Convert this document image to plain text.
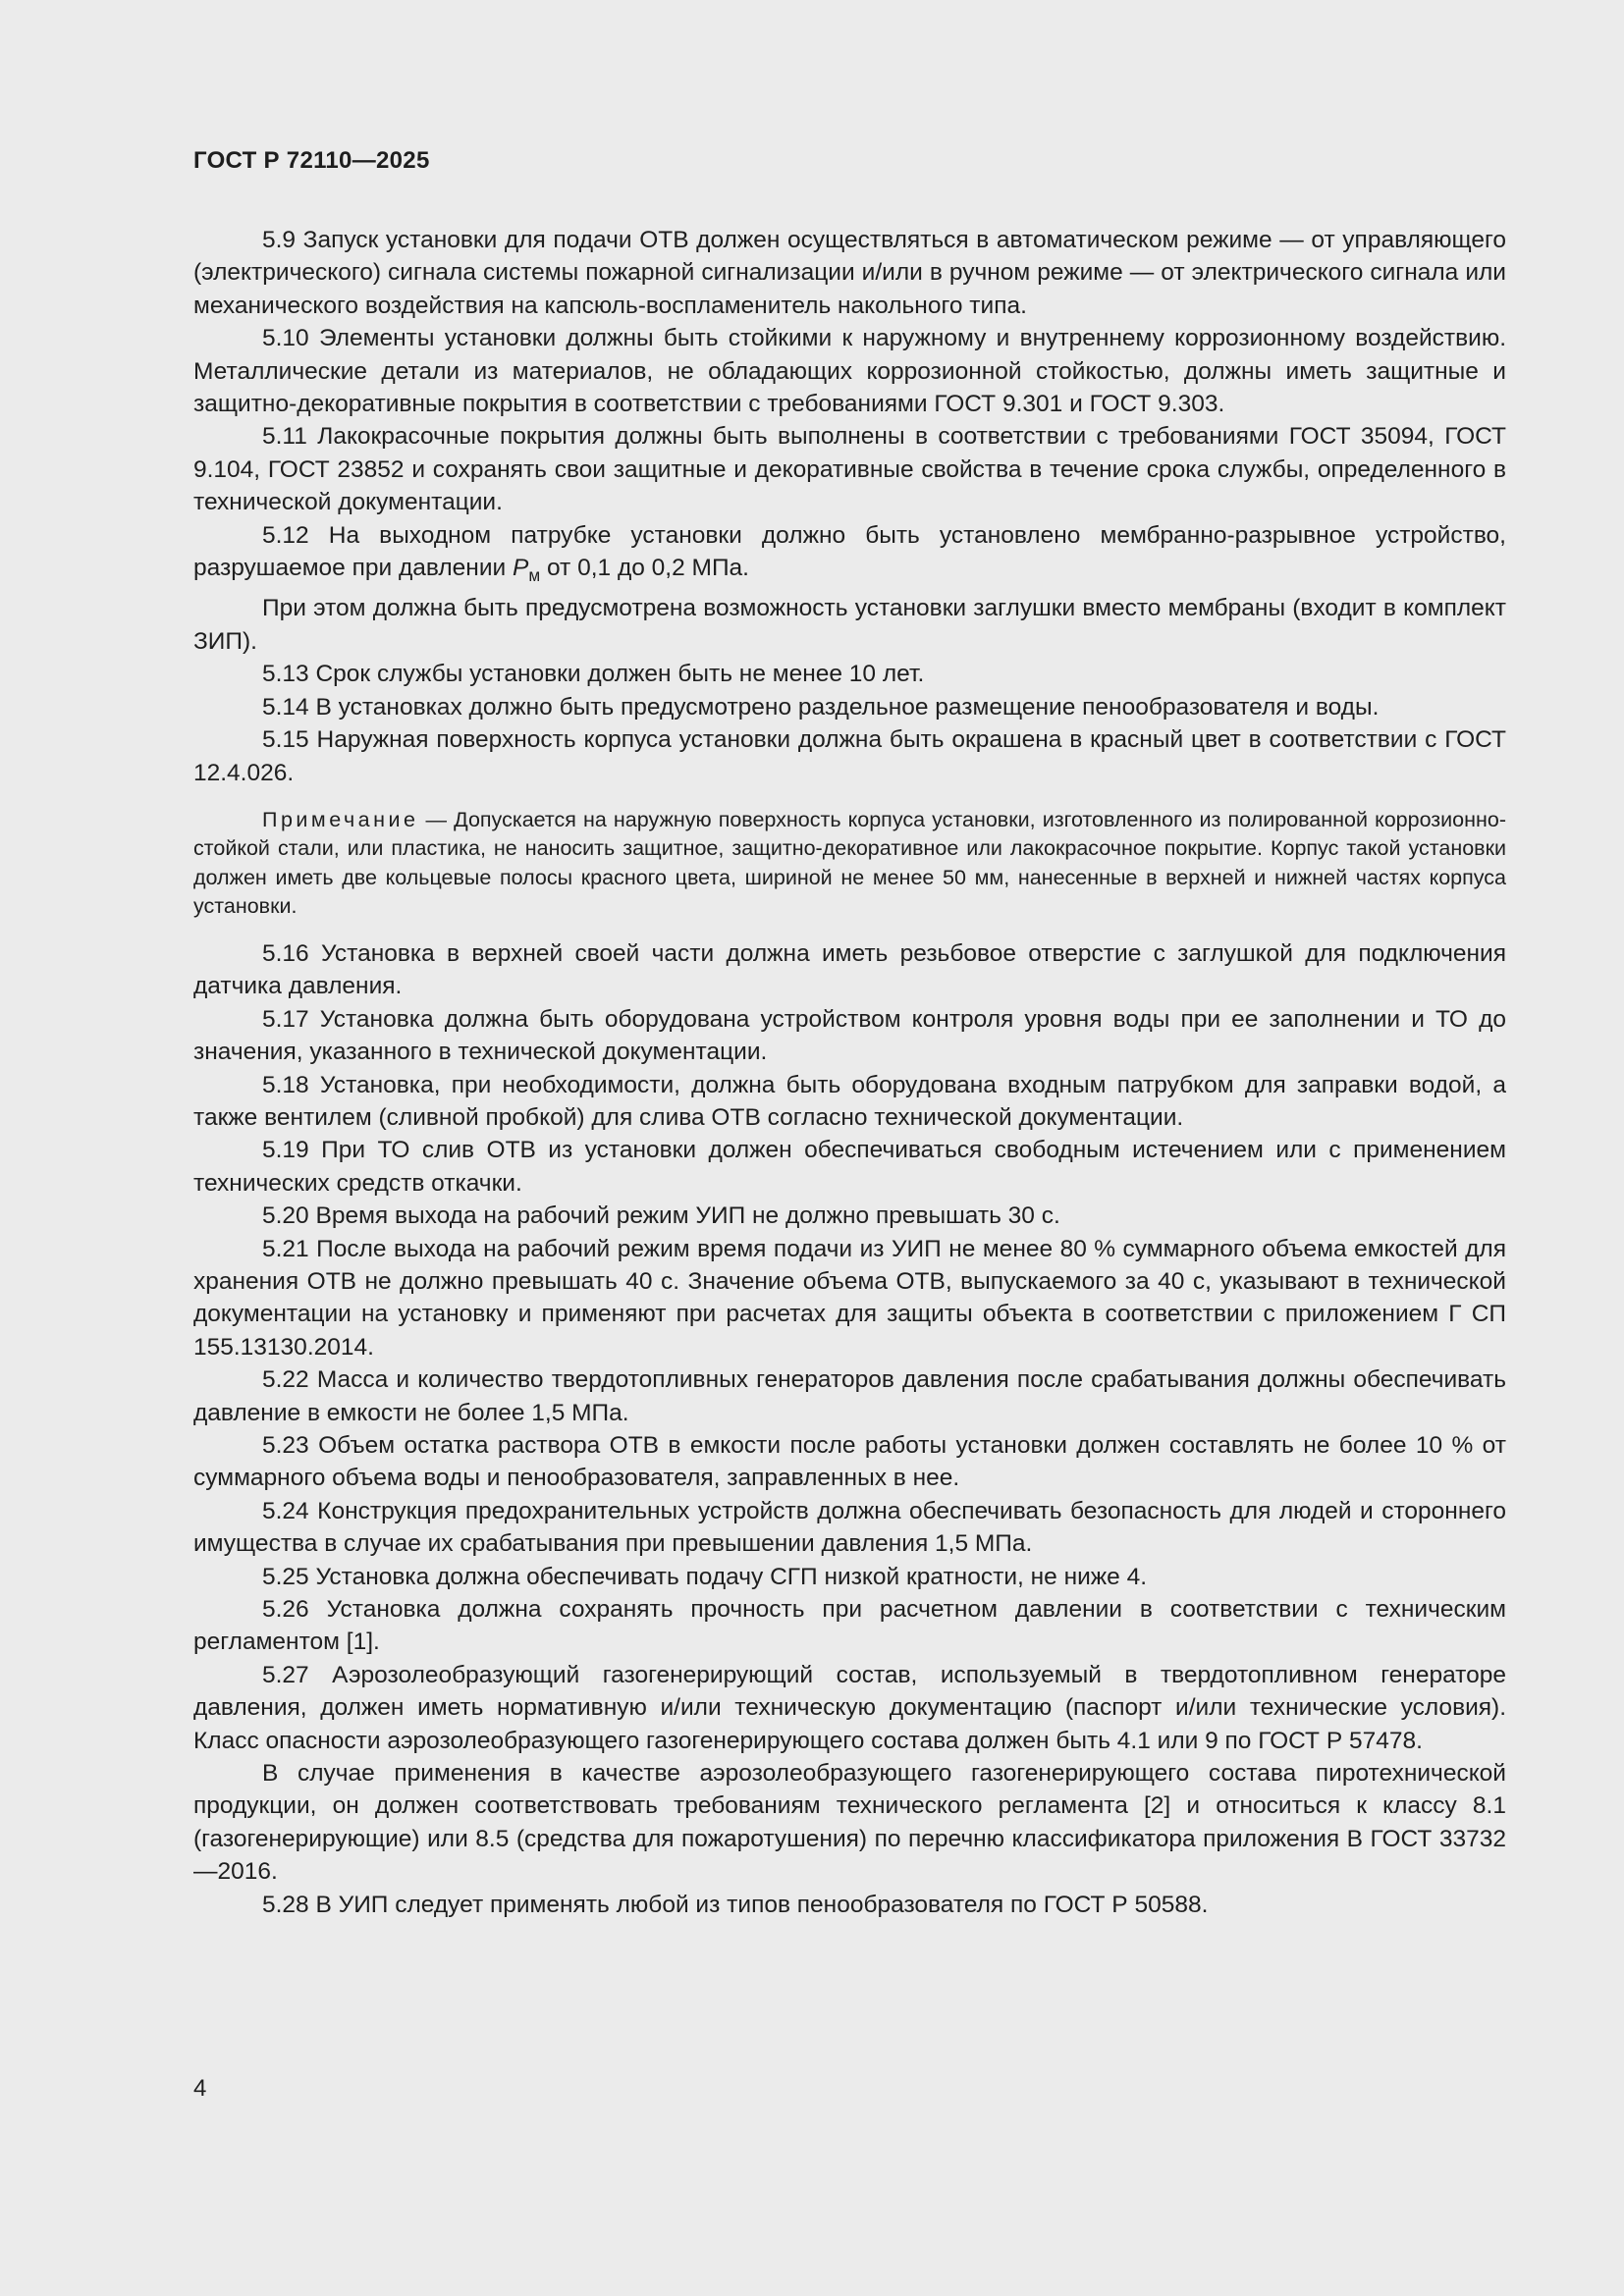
ГОСТ Р 72110—2025

5.9 Запуск установки для подачи ОТВ должен осуществляться в автоматическом режиме — от управляющего (электрического) сигнала системы пожарной сигнализации и/или в ручном режиме — от электрического сигнала или механического воздействия на капсюль-воспламенитель накольного типа.

5.10 Элементы установки должны быть стойкими к наружному и внутреннему коррозионному воздействию. Металлические детали из материалов, не обладающих коррозионной стойкостью, должны иметь защитные и защитно-декоративные покрытия в соответствии с требованиями ГОСТ 9.301 и ГОСТ 9.303.

5.11 Лакокрасочные покрытия должны быть выполнены в соответствии с требованиями ГОСТ 35094, ГОСТ 9.104, ГОСТ 23852 и сохранять свои защитные и декоративные свойства в течение срока службы, определенного в технической документации.

5.12 На выходном патрубке установки должно быть установлено мембранно-разрывное устройство, разрушаемое при давлении $P_м$ от 0,1 до 0,2 МПа.

При этом должна быть предусмотрена возможность установки заглушки вместо мембраны (входит в комплект ЗИП).

5.13 Срок службы установки должен быть не менее 10 лет.

5.14 В установках должно быть предусмотрено раздельное размещение пенообразователя и воды.

5.15 Наружная поверхность корпуса установки должна быть окрашена в красный цвет в соответствии с ГОСТ 12.4.026.

Примечание — Допускается на наружную поверхность корпуса установки, изготовленного из полированной коррозионно-стойкой стали, или пластика, не наносить защитное, защитно-декоративное или лакокрасочное покрытие. Корпус такой установки должен иметь две кольцевые полосы красного цвета, шириной не менее 50 мм, нанесенные в верхней и нижней частях корпуса установки.

5.16 Установка в верхней своей части должна иметь резьбовое отверстие с заглушкой для подключения датчика давления.

5.17 Установка должна быть оборудована устройством контроля уровня воды при ее заполнении и ТО до значения, указанного в технической документации.

5.18 Установка, при необходимости, должна быть оборудована входным патрубком для заправки водой, а также вентилем (сливной пробкой) для слива ОТВ согласно технической документации.

5.19 При ТО слив ОТВ из установки должен обеспечиваться свободным истечением или с применением технических средств откачки.

5.20 Время выхода на рабочий режим УИП не должно превышать 30 с.

5.21 После выхода на рабочий режим время подачи из УИП не менее 80 % суммарного объема емкостей для хранения ОТВ не должно превышать 40 с. Значение объема ОТВ, выпускаемого за 40 с, указывают в технической документации на установку и применяют при расчетах для защиты объекта в соответствии с приложением Г СП 155.13130.2014.

5.22 Масса и количество твердотопливных генераторов давления после срабатывания должны обеспечивать давление в емкости не более 1,5 МПа.

5.23 Объем остатка раствора ОТВ в емкости после работы установки должен составлять не более 10 % от суммарного объема воды и пенообразователя, заправленных в нее.

5.24 Конструкция предохранительных устройств должна обеспечивать безопасность для людей и стороннего имущества в случае их срабатывания при превышении давления 1,5 МПа.

5.25 Установка должна обеспечивать подачу СГП низкой кратности, не ниже 4.

5.26 Установка должна сохранять прочность при расчетном давлении в соответствии с техническим регламентом [1].

5.27 Аэрозолеобразующий газогенерирующий состав, используемый в твердотопливном генераторе давления, должен иметь нормативную и/или техническую документацию (паспорт и/или технические условия). Класс опасности аэрозолеобразующего газогенерирующего состава должен быть 4.1 или 9 по ГОСТ Р 57478.

В случае применения в качестве аэрозолеобразующего газогенерирующего состава пиротехнической продукции, он должен соответствовать требованиям технического регламента [2] и относиться к классу 8.1 (газогенерирующие) или 8.5 (средства для пожаротушения) по перечню классификатора приложения В ГОСТ 33732—2016.

5.28 В УИП следует применять любой из типов пенообразователя по ГОСТ Р 50588.

4
